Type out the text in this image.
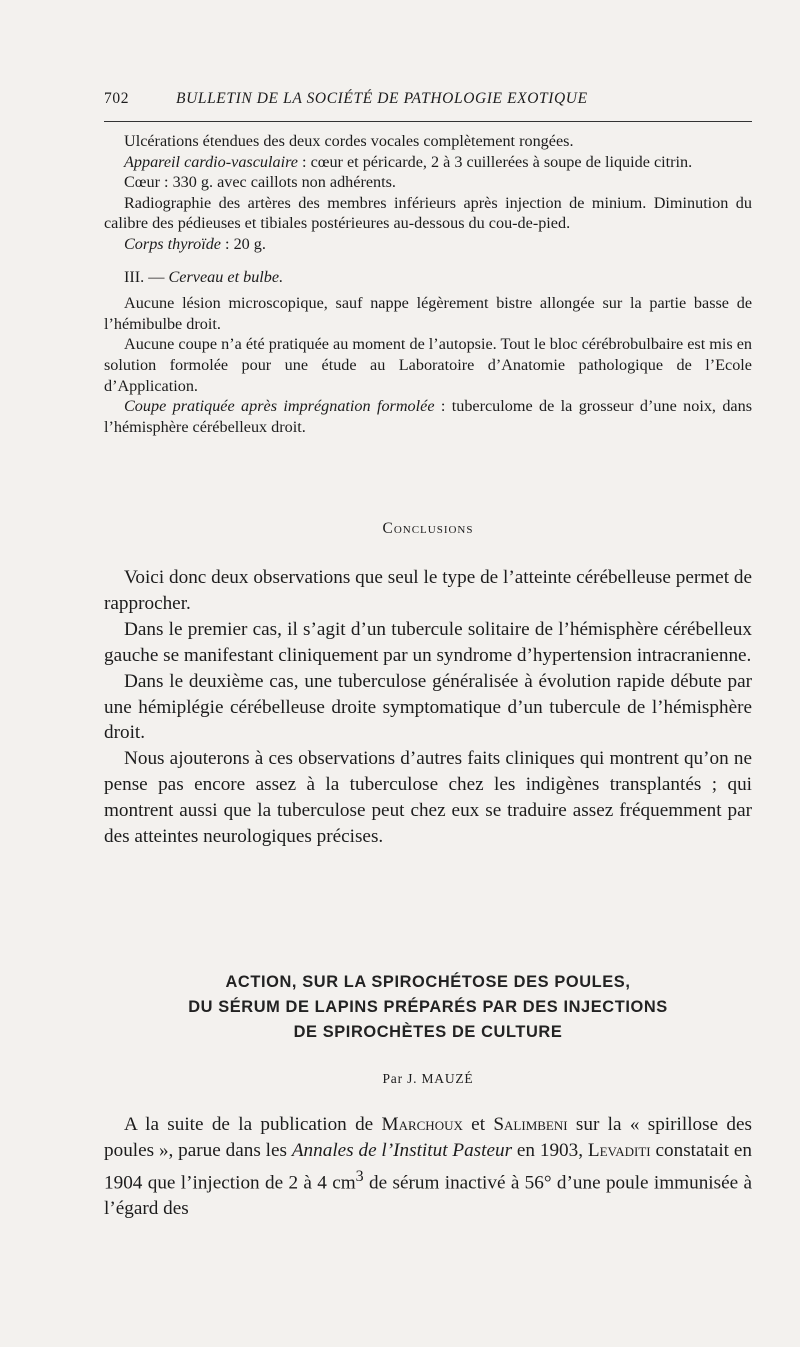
702	BULLETIN DE LA SOCIÉTÉ DE PATHOLOGIE EXOTIQUE

Ulcérations étendues des deux cordes vocales complètement rongées.

Appareil cardio-vasculaire : cœur et péricarde, 2 à 3 cuillerées à soupe de liquide citrin.

Cœur : 330 g. avec caillots non adhérents.

Radiographie des artères des membres inférieurs après injection de minium. Diminution du calibre des pédieuses et tibiales postérieures au-dessous du cou-de-pied.

Corps thyroïde : 20 g.

III. — Cerveau et bulbe.

Aucune lésion microscopique, sauf nappe légèrement bistre allongée sur la partie basse de l’hémibulbe droit.

Aucune coupe n’a été pratiquée au moment de l’autopsie. Tout le bloc cérébrobulbaire est mis en solution formolée pour une étude au Laboratoire d’Anatomie pathologique de l’Ecole d’Application.

Coupe pratiquée après imprégnation formolée : tuberculome de la grosseur d’une noix, dans l’hémisphère cérébelleux droit.

Conclusions

Voici donc deux observations que seul le type de l’atteinte cérébelleuse permet de rapprocher.

Dans le premier cas, il s’agit d’un tubercule solitaire de l’hémisphère cérébelleux gauche se manifestant cliniquement par un syndrome d’hypertension intracranienne.

Dans le deuxième cas, une tuberculose généralisée à évolution rapide débute par une hémiplégie cérébelleuse droite symptomatique d’un tubercule de l’hémisphère droit.

Nous ajouterons à ces observations d’autres faits cliniques qui montrent qu’on ne pense pas encore assez à la tuberculose chez les indigènes transplantés ; qui montrent aussi que la tuberculose peut chez eux se traduire assez fréquemment par des atteintes neurologiques précises.

ACTION, SUR LA SPIROCHÉTOSE DES POULES,
DU SÉRUM DE LAPINS PRÉPARÉS PAR DES INJECTIONS
DE SPIROCHÈTES DE CULTURE
Par J. MAUZÉ

A la suite de la publication de Marchoux et Salimbeni sur la « spirillose des poules », parue dans les Annales de l’Institut Pasteur en 1903, Levaditi constatait en 1904 que l’injection de 2 à 4 $cm^3$ de sérum inactivé à 56° d’une poule immunisée à l’égard des
